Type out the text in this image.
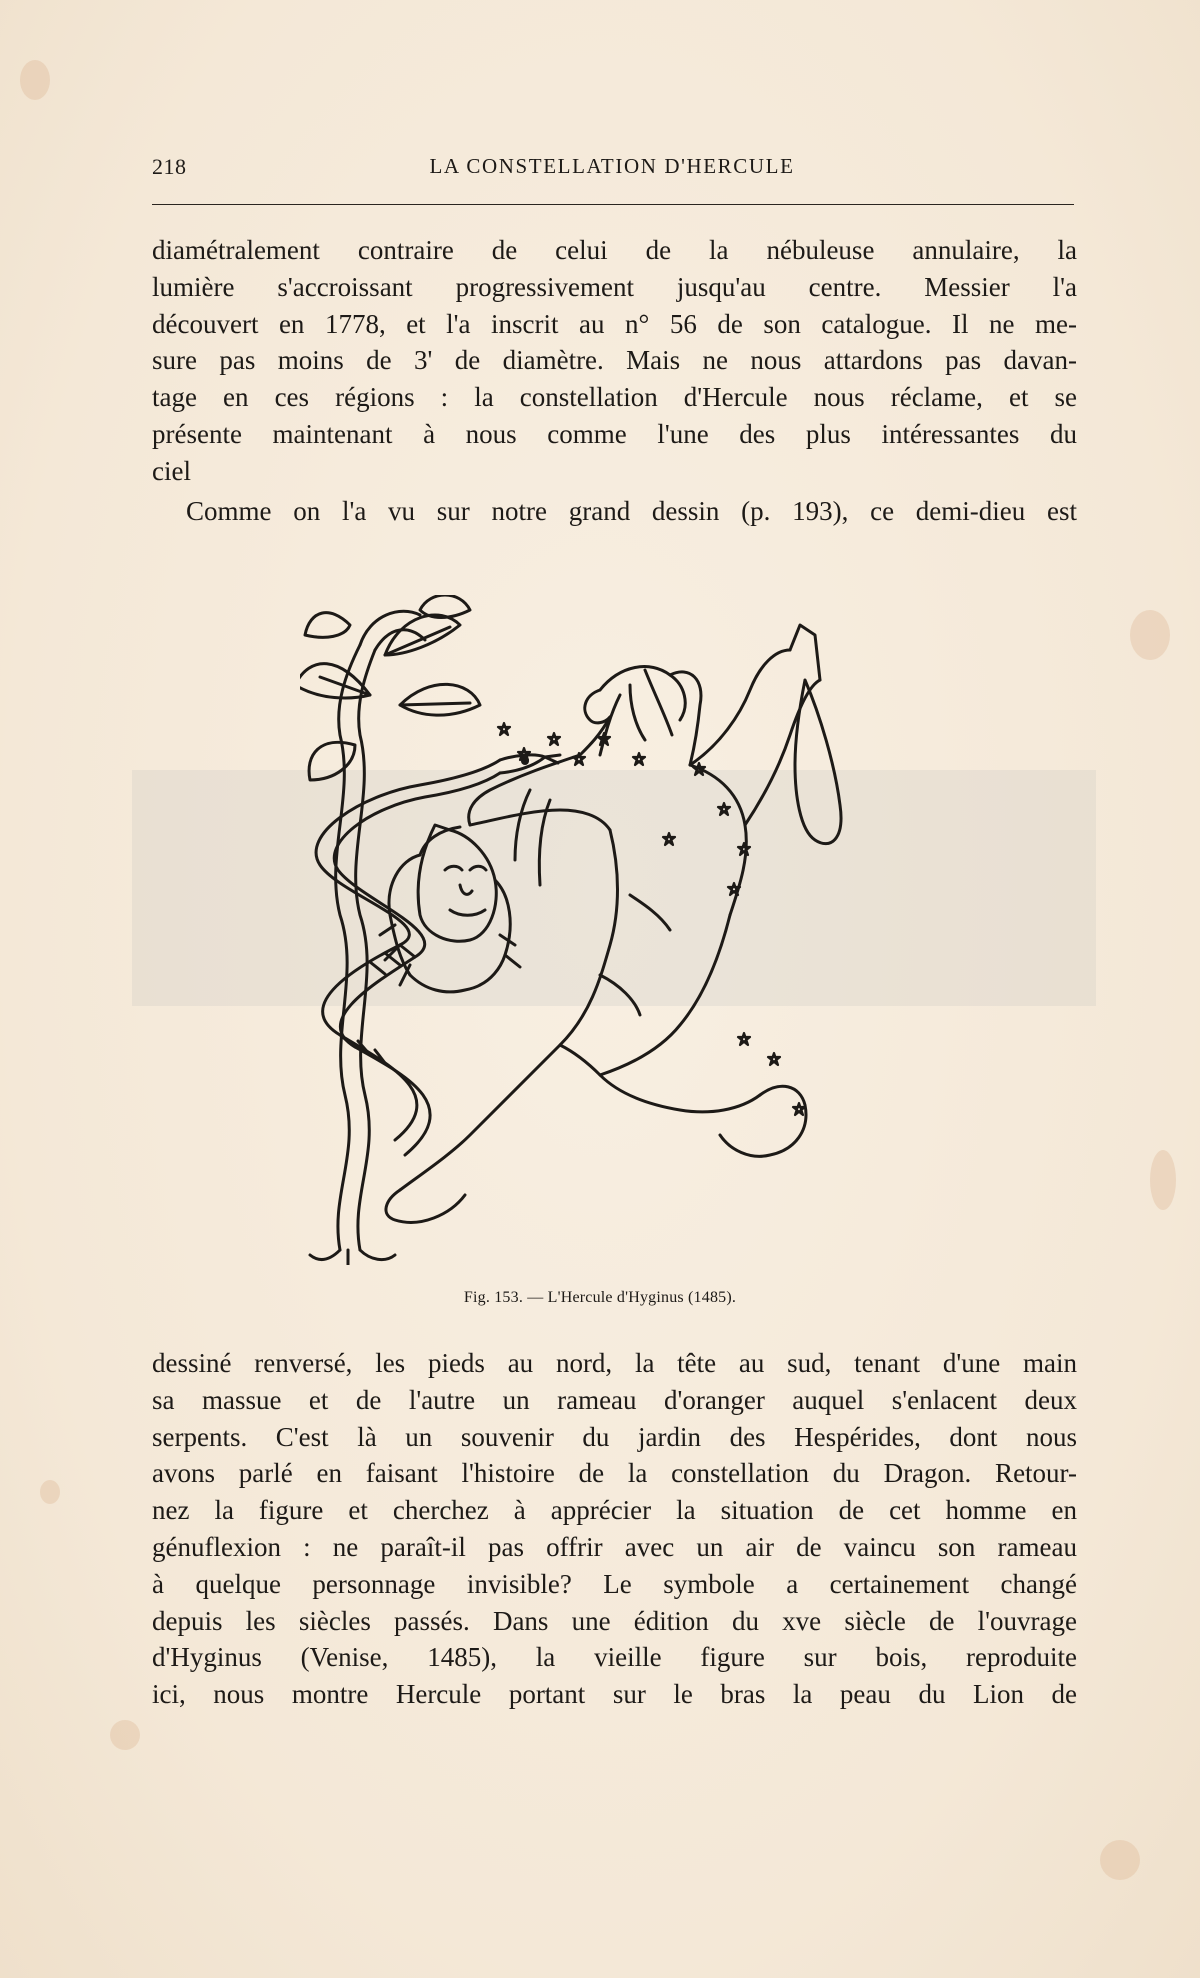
218	LA CONSTELLATION D'HERCULE
diamétralement contraire de celui de la nébuleuse annulaire, la
lumière s'accroissant progressivement jusqu'au centre. Messier l'a
découvert en 1778, et l'a inscrit au n° 56 de son catalogue. Il ne me-
sure pas moins de 3' de diamètre. Mais ne nous attardons pas davan-
tage en ces régions : la constellation d'Hercule nous réclame, et se
présente maintenant à nous comme l'une des plus intéressantes du
ciel
Comme on l'a vu sur notre grand dessin (p. 193), ce demi-dieu est
Fig. 153. — L'Hercule d'Hyginus (1485).
dessiné renversé, les pieds au nord, la tête au sud, tenant d'une main
sa massue et de l'autre un rameau d'oranger auquel s'enlacent deux
serpents. C'est là un souvenir du jardin des Hespérides, dont nous
avons parlé en faisant l'histoire de la constellation du Dragon. Retour-
nez la figure et cherchez à apprécier la situation de cet homme en
génuflexion : ne paraît-il pas offrir avec un air de vaincu son rameau
à quelque personnage invisible? Le symbole a certainement changé
depuis les siècles passés. Dans une édition du xve siècle de l'ouvrage
d'Hyginus (Venise, 1485), la vieille figure sur bois, reproduite
ici, nous montre Hercule portant sur le bras la peau du Lion de
